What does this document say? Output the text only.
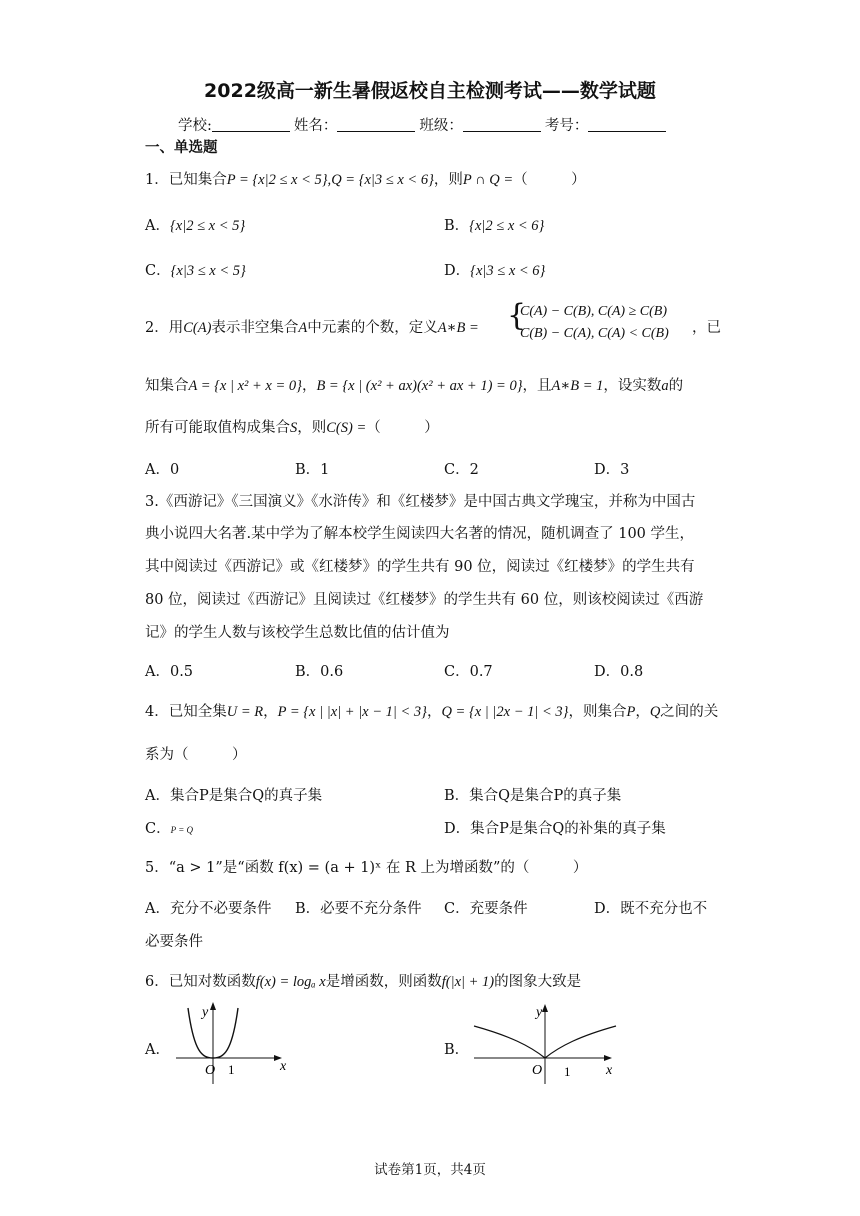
2022级高一新生暑假返校自主检测考试——数学试题
学校:	姓名：	班级：	考号：
一、单选题
1．已知集合P = {x|2 ≤ x < 5},Q = {x|3 ≤ x < 6}，则P ∩ Q =（　　　）
A．{x|2 ≤ x < 5}	B．{x|2 ≤ x < 6}
C．{x|3 ≤ x < 5}	D．{x|3 ≤ x < 6}
2．用C(A)表示非空集合A中元素的个数，定义A∗B = {
C(A) − C(B), C(A) ≥ C(B)
C(B) − C(A), C(A) < C(B) ，已
知集合A = {x | x² + x = 0}，B = {x | (x² + ax)(x² + ax + 1) = 0}，且A∗B = 1，设实数a的
所有可能取值构成集合S，则C(S) =（　　　）
A．0	B．1	C．2	D．3
3.《西游记》《三国演义》《水浒传》和《红楼梦》是中国古典文学瑰宝，并称为中国古
典小说四大名著.某中学为了解本校学生阅读四大名著的情况，随机调查了 100 学生，
其中阅读过《西游记》或《红楼梦》的学生共有 90 位，阅读过《红楼梦》的学生共有
80 位，阅读过《西游记》且阅读过《红楼梦》的学生共有 60 位，则该校阅读过《西游
记》的学生人数与该校学生总数比值的估计值为
A．0.5	B．0.6	C．0.7	D．0.8
4．已知全集U = R，P = {x | |x| + |x − 1| < 3}，Q = {x | |2x − 1| < 3}，则集合P，Q之间的关
系为（　　　）
A．集合P是集合Q的真子集	B．集合Q是集合P的真子集
C．P = Q	D．集合P是集合Q的补集的真子集
5．“a > 1”是“函数 f(x) = (a + 1)ˣ 在 R 上为增函数”的（　　　）
A．充分不必要条件 B．必要不充分条件 C．充要条件	D．既不充分也不
必要条件
6．已知对数函数f(x) = logₐ x是增函数，则函数f(|x| + 1)的图象大致是
A．	B．
y
x
O 1
y
x
O 1
试卷第1页，共4页
